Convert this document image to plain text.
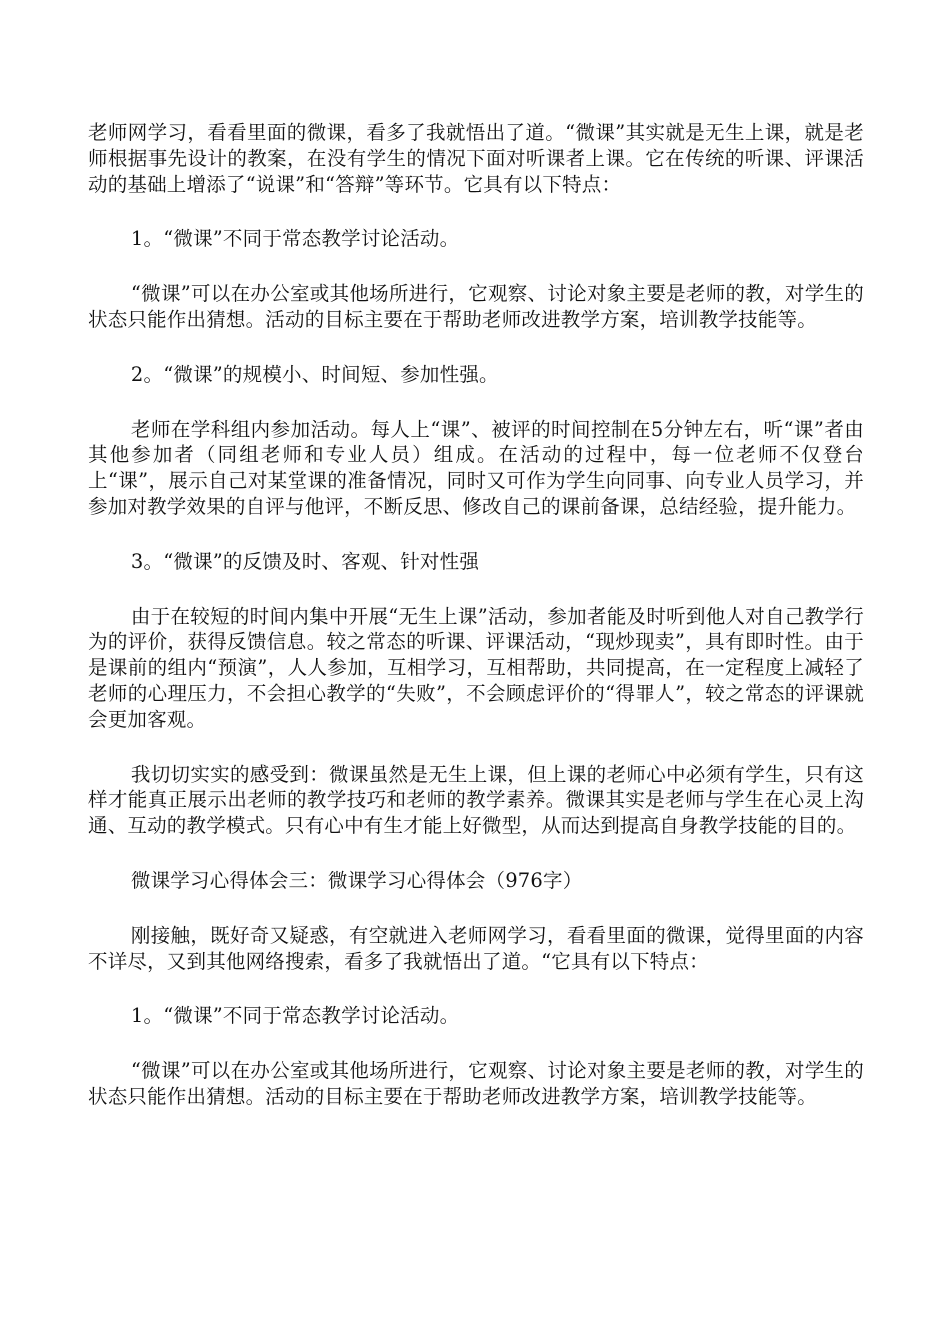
老师网学习，看看里面的微课，看多了我就悟出了道。“微课”其实就是无生上课，就是老师根据事先设计的教案，在没有学生的情况下面对听课者上课。它在传统的听课、评课活动的基础上增添了“说课”和“答辩”等环节。它具有以下特点：

1。“微课”不同于常态教学讨论活动。

“微课”可以在办公室或其他场所进行，它观察、讨论对象主要是老师的教，对学生的状态只能作出猜想。活动的目标主要在于帮助老师改进教学方案，培训教学技能等。

2。“微课”的规模小、时间短、参加性强。

老师在学科组内参加活动。每人上“课”、被评的时间控制在5分钟左右，听“课”者由其他参加者（同组老师和专业人员）组成。在活动的过程中，每一位老师不仅登台上“课”，展示自己对某堂课的准备情况，同时又可作为学生向同事、向专业人员学习，并参加对教学效果的自评与他评，不断反思、修改自己的课前备课，总结经验，提升能力。

3。“微课”的反馈及时、客观、针对性强

由于在较短的时间内集中开展“无生上课”活动，参加者能及时听到他人对自己教学行为的评价，获得反馈信息。较之常态的听课、评课活动，“现炒现卖”，具有即时性。由于是课前的组内“预演”，人人参加，互相学习，互相帮助，共同提高，在一定程度上减轻了老师的心理压力，不会担心教学的“失败”，不会顾虑评价的“得罪人”，较之常态的评课就会更加客观。

我切切实实的感受到：微课虽然是无生上课，但上课的老师心中必须有学生，只有这样才能真正展示出老师的教学技巧和老师的教学素养。微课其实是老师与学生在心灵上沟通、互动的教学模式。只有心中有生才能上好微型，从而达到提高自身教学技能的目的。

微课学习心得体会三：微课学习心得体会（976字）

刚接触，既好奇又疑惑，有空就进入老师网学习，看看里面的微课，觉得里面的内容不详尽，又到其他网络搜索，看多了我就悟出了道。“它具有以下特点：

1。“微课”不同于常态教学讨论活动。

“微课”可以在办公室或其他场所进行，它观察、讨论对象主要是老师的教，对学生的状态只能作出猜想。活动的目标主要在于帮助老师改进教学方案，培训教学技能等。
